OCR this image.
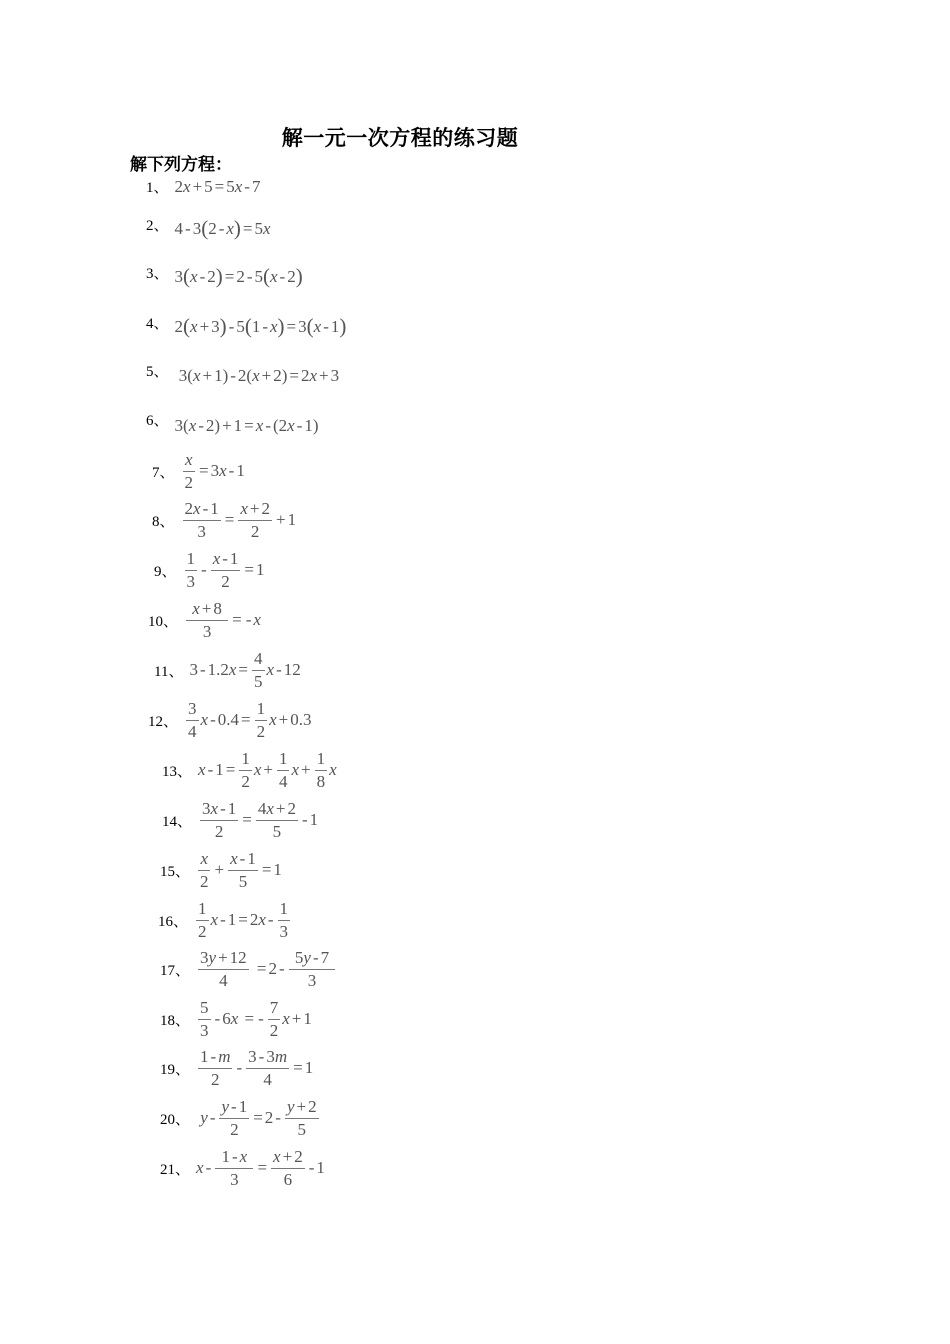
解一元一次方程的练习题
解下列方程：
1、 2 x + 5 = 5 x - 7
2、 4 - 3 ( 2 - x ) = 5 x
3、 3 ( x - 2 ) = 2 - 5 ( x - 2 )
4、 2 ( x + 3 ) - 5 ( 1 - x ) = 3 ( x - 1 )
5、 3( x + 1) - 2( x + 2) = 2 x + 3
6、 3( x - 2) + 1 = x - (2 x - 1)
7、 $\frac{x}{2} = 3$ x - 1
8、 $\frac{2x - 1}{3} = \frac{x + 2}{2} + 1$
9、 $\frac{1}{3} - \frac{x - 1}{2} = 1$
10、 $\frac{x + 8}{3}$ = - x
11、 3 - 1.2 $x = \frac{4}{5}$ x - 12
12、 $\frac{3}{4}$ $x - 0.4 = \frac{1}{2}$ x + 0.3
13、 $x - 1 = \frac{1}{2}$ $x + \frac{1}{4}$ $x + \frac{1}{8}$ x
14、 $\frac{3x - 1}{2} = \frac{4x + 2}{5} - 1$
15、 $\frac{x}{2} + \frac{x - 1}{5} = 1$
16、 $\frac{1}{2}$ x - 1 = 2 x - $\frac{1}{3}$
17、 $\frac{3y + 12}{4} = 2 - \frac{5y - 7}{3}$
18、 $\frac{5}{3} - 6$ x = - $\frac{7}{2}$ x + 1
19、 $\frac{1 - m}{2} - \frac{3 - 3m}{4} = 1$
20、
$y - \frac{y - 1}{2} = 2 - \frac{y + 2}{5}$
21、 $x - \frac{1 - x}{3} = \frac{x + 2}{6} - 1$
